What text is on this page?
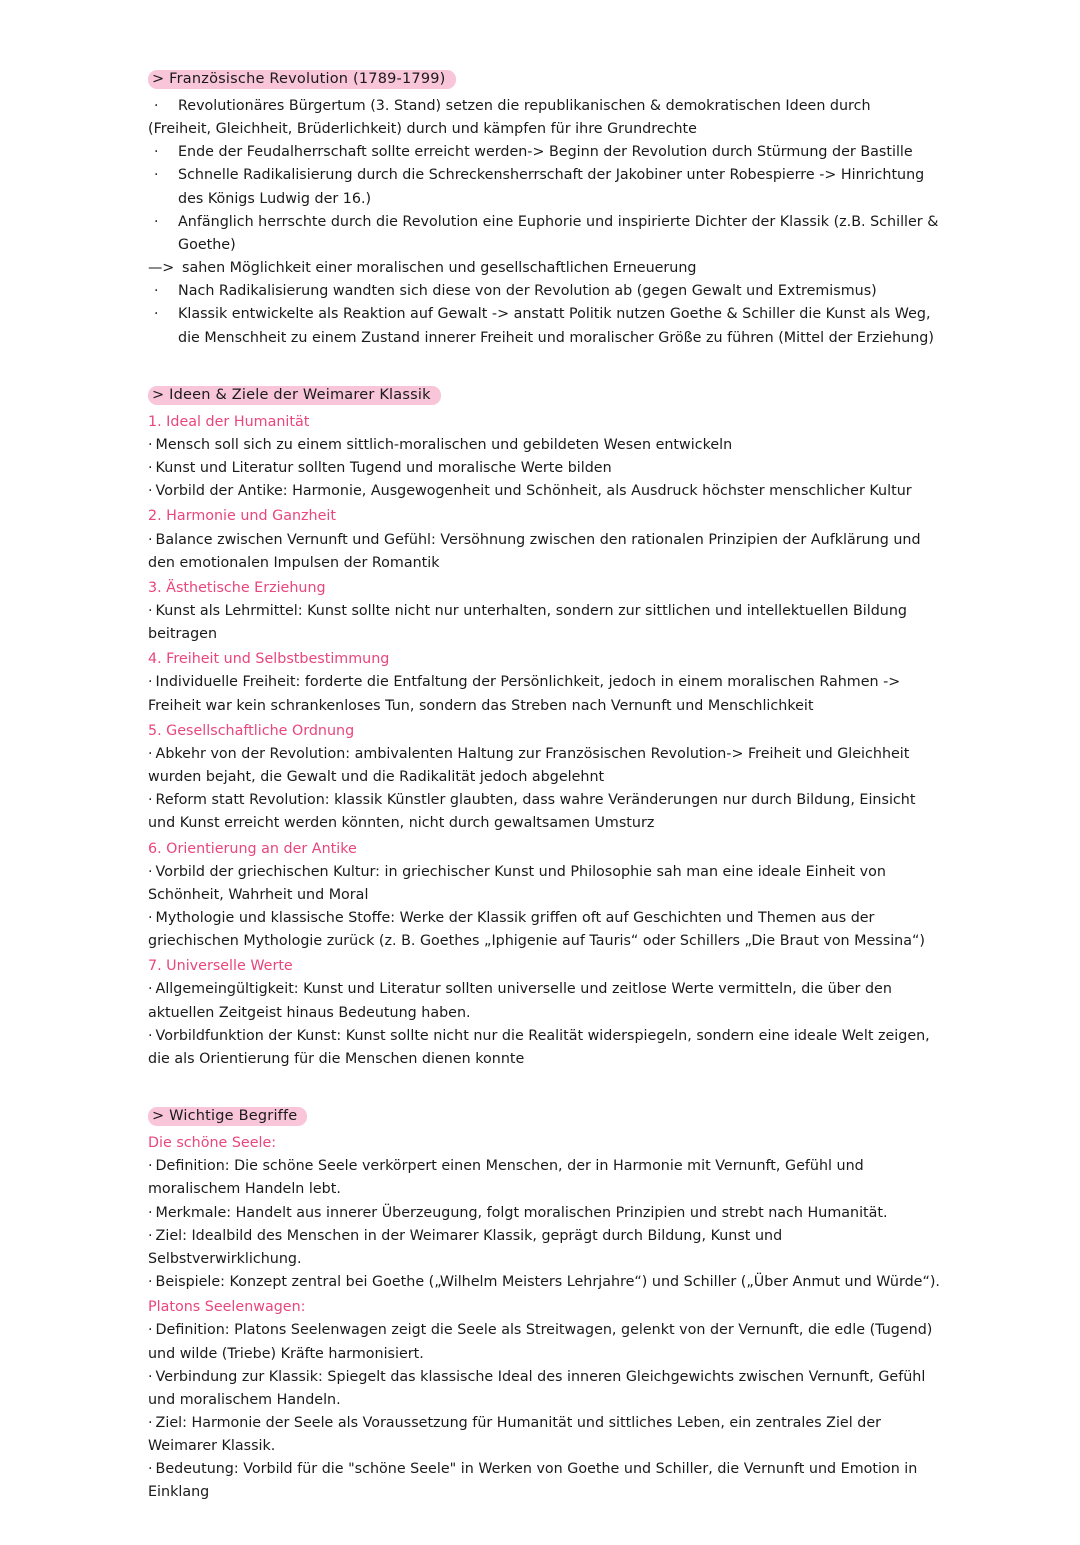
> Französische Revolution (1789-1799)
·	Revolutionäres Bürgertum (3. Stand) setzen die republikanischen & demokratischen Ideen durch
(Freiheit, Gleichheit, Brüderlichkeit) durch und kämpfen für ihre Grundrechte
·	Ende der Feudalherrschaft sollte erreicht werden-> Beginn der Revolution durch Stürmung der Bastille
·	Schnelle Radikalisierung durch die Schreckensherrschaft der Jakobiner unter Robespierre -> Hinrichtung des Königs Ludwig der 16.)
·	Anfänglich herrschte durch die Revolution eine Euphorie und inspirierte Dichter der Klassik (z.B. Schiller & Goethe)
—> sahen Möglichkeit einer moralischen und gesellschaftlichen Erneuerung
·	Nach Radikalisierung wandten sich diese von der Revolution ab (gegen Gewalt und Extremismus)
·	Klassik entwickelte als Reaktion auf Gewalt -> anstatt Politik nutzen Goethe & Schiller die Kunst als Weg, die Menschheit zu einem Zustand innerer Freiheit und moralischer Größe zu führen (Mittel der Erziehung)
> Ideen & Ziele der Weimarer Klassik
1. Ideal der Humanität
· Mensch soll sich zu einem sittlich-moralischen und gebildeten Wesen entwickeln
· Kunst und Literatur sollten Tugend und moralische Werte bilden
· Vorbild der Antike: Harmonie, Ausgewogenheit und Schönheit, als Ausdruck höchster menschlicher Kultur
2. Harmonie und Ganzheit
· Balance zwischen Vernunft und Gefühl: Versöhnung zwischen den rationalen Prinzipien der Aufklärung und den emotionalen Impulsen der Romantik
3. Ästhetische Erziehung
· Kunst als Lehrmittel: Kunst sollte nicht nur unterhalten, sondern zur sittlichen und intellektuellen Bildung beitragen
4. Freiheit und Selbstbestimmung
· Individuelle Freiheit: forderte die Entfaltung der Persönlichkeit, jedoch in einem moralischen Rahmen -> Freiheit war kein schrankenloses Tun, sondern das Streben nach Vernunft und Menschlichkeit
5. Gesellschaftliche Ordnung
· Abkehr von der Revolution: ambivalenten Haltung zur Französischen Revolution-> Freiheit und Gleichheit wurden bejaht, die Gewalt und die Radikalität jedoch abgelehnt
· Reform statt Revolution: klassik Künstler glaubten, dass wahre Veränderungen nur durch Bildung, Einsicht und Kunst erreicht werden könnten, nicht durch gewaltsamen Umsturz
6. Orientierung an der Antike
· Vorbild der griechischen Kultur: in griechischer Kunst und Philosophie sah man eine ideale Einheit von Schönheit, Wahrheit und Moral
· Mythologie und klassische Stoffe: Werke der Klassik griffen oft auf Geschichten und Themen aus der griechischen Mythologie zurück (z. B. Goethes „Iphigenie auf Tauris“ oder Schillers „Die Braut von Messina“)
7. Universelle Werte
· Allgemeingültigkeit: Kunst und Literatur sollten universelle und zeitlose Werte vermitteln, die über den aktuellen Zeitgeist hinaus Bedeutung haben.
· Vorbildfunktion der Kunst: Kunst sollte nicht nur die Realität widerspiegeln, sondern eine ideale Welt zeigen, die als Orientierung für die Menschen dienen konnte
> Wichtige Begriffe
Die schöne Seele:
· Definition: Die schöne Seele verkörpert einen Menschen, der in Harmonie mit Vernunft, Gefühl und moralischem Handeln lebt.
· Merkmale: Handelt aus innerer Überzeugung, folgt moralischen Prinzipien und strebt nach Humanität.
· Ziel: Idealbild des Menschen in der Weimarer Klassik, geprägt durch Bildung, Kunst und Selbstverwirklichung.
· Beispiele: Konzept zentral bei Goethe („Wilhelm Meisters Lehrjahre“) und Schiller („Über Anmut und Würde“).
Platons Seelenwagen:
· Definition: Platons Seelenwagen zeigt die Seele als Streitwagen, gelenkt von der Vernunft, die edle (Tugend) und wilde (Triebe) Kräfte harmonisiert.
· Verbindung zur Klassik: Spiegelt das klassische Ideal des inneren Gleichgewichts zwischen Vernunft, Gefühl und moralischem Handeln.
· Ziel: Harmonie der Seele als Voraussetzung für Humanität und sittliches Leben, ein zentrales Ziel der Weimarer Klassik.
· Bedeutung: Vorbild für die "schöne Seele" in Werken von Goethe und Schiller, die Vernunft und Emotion in Einklang
